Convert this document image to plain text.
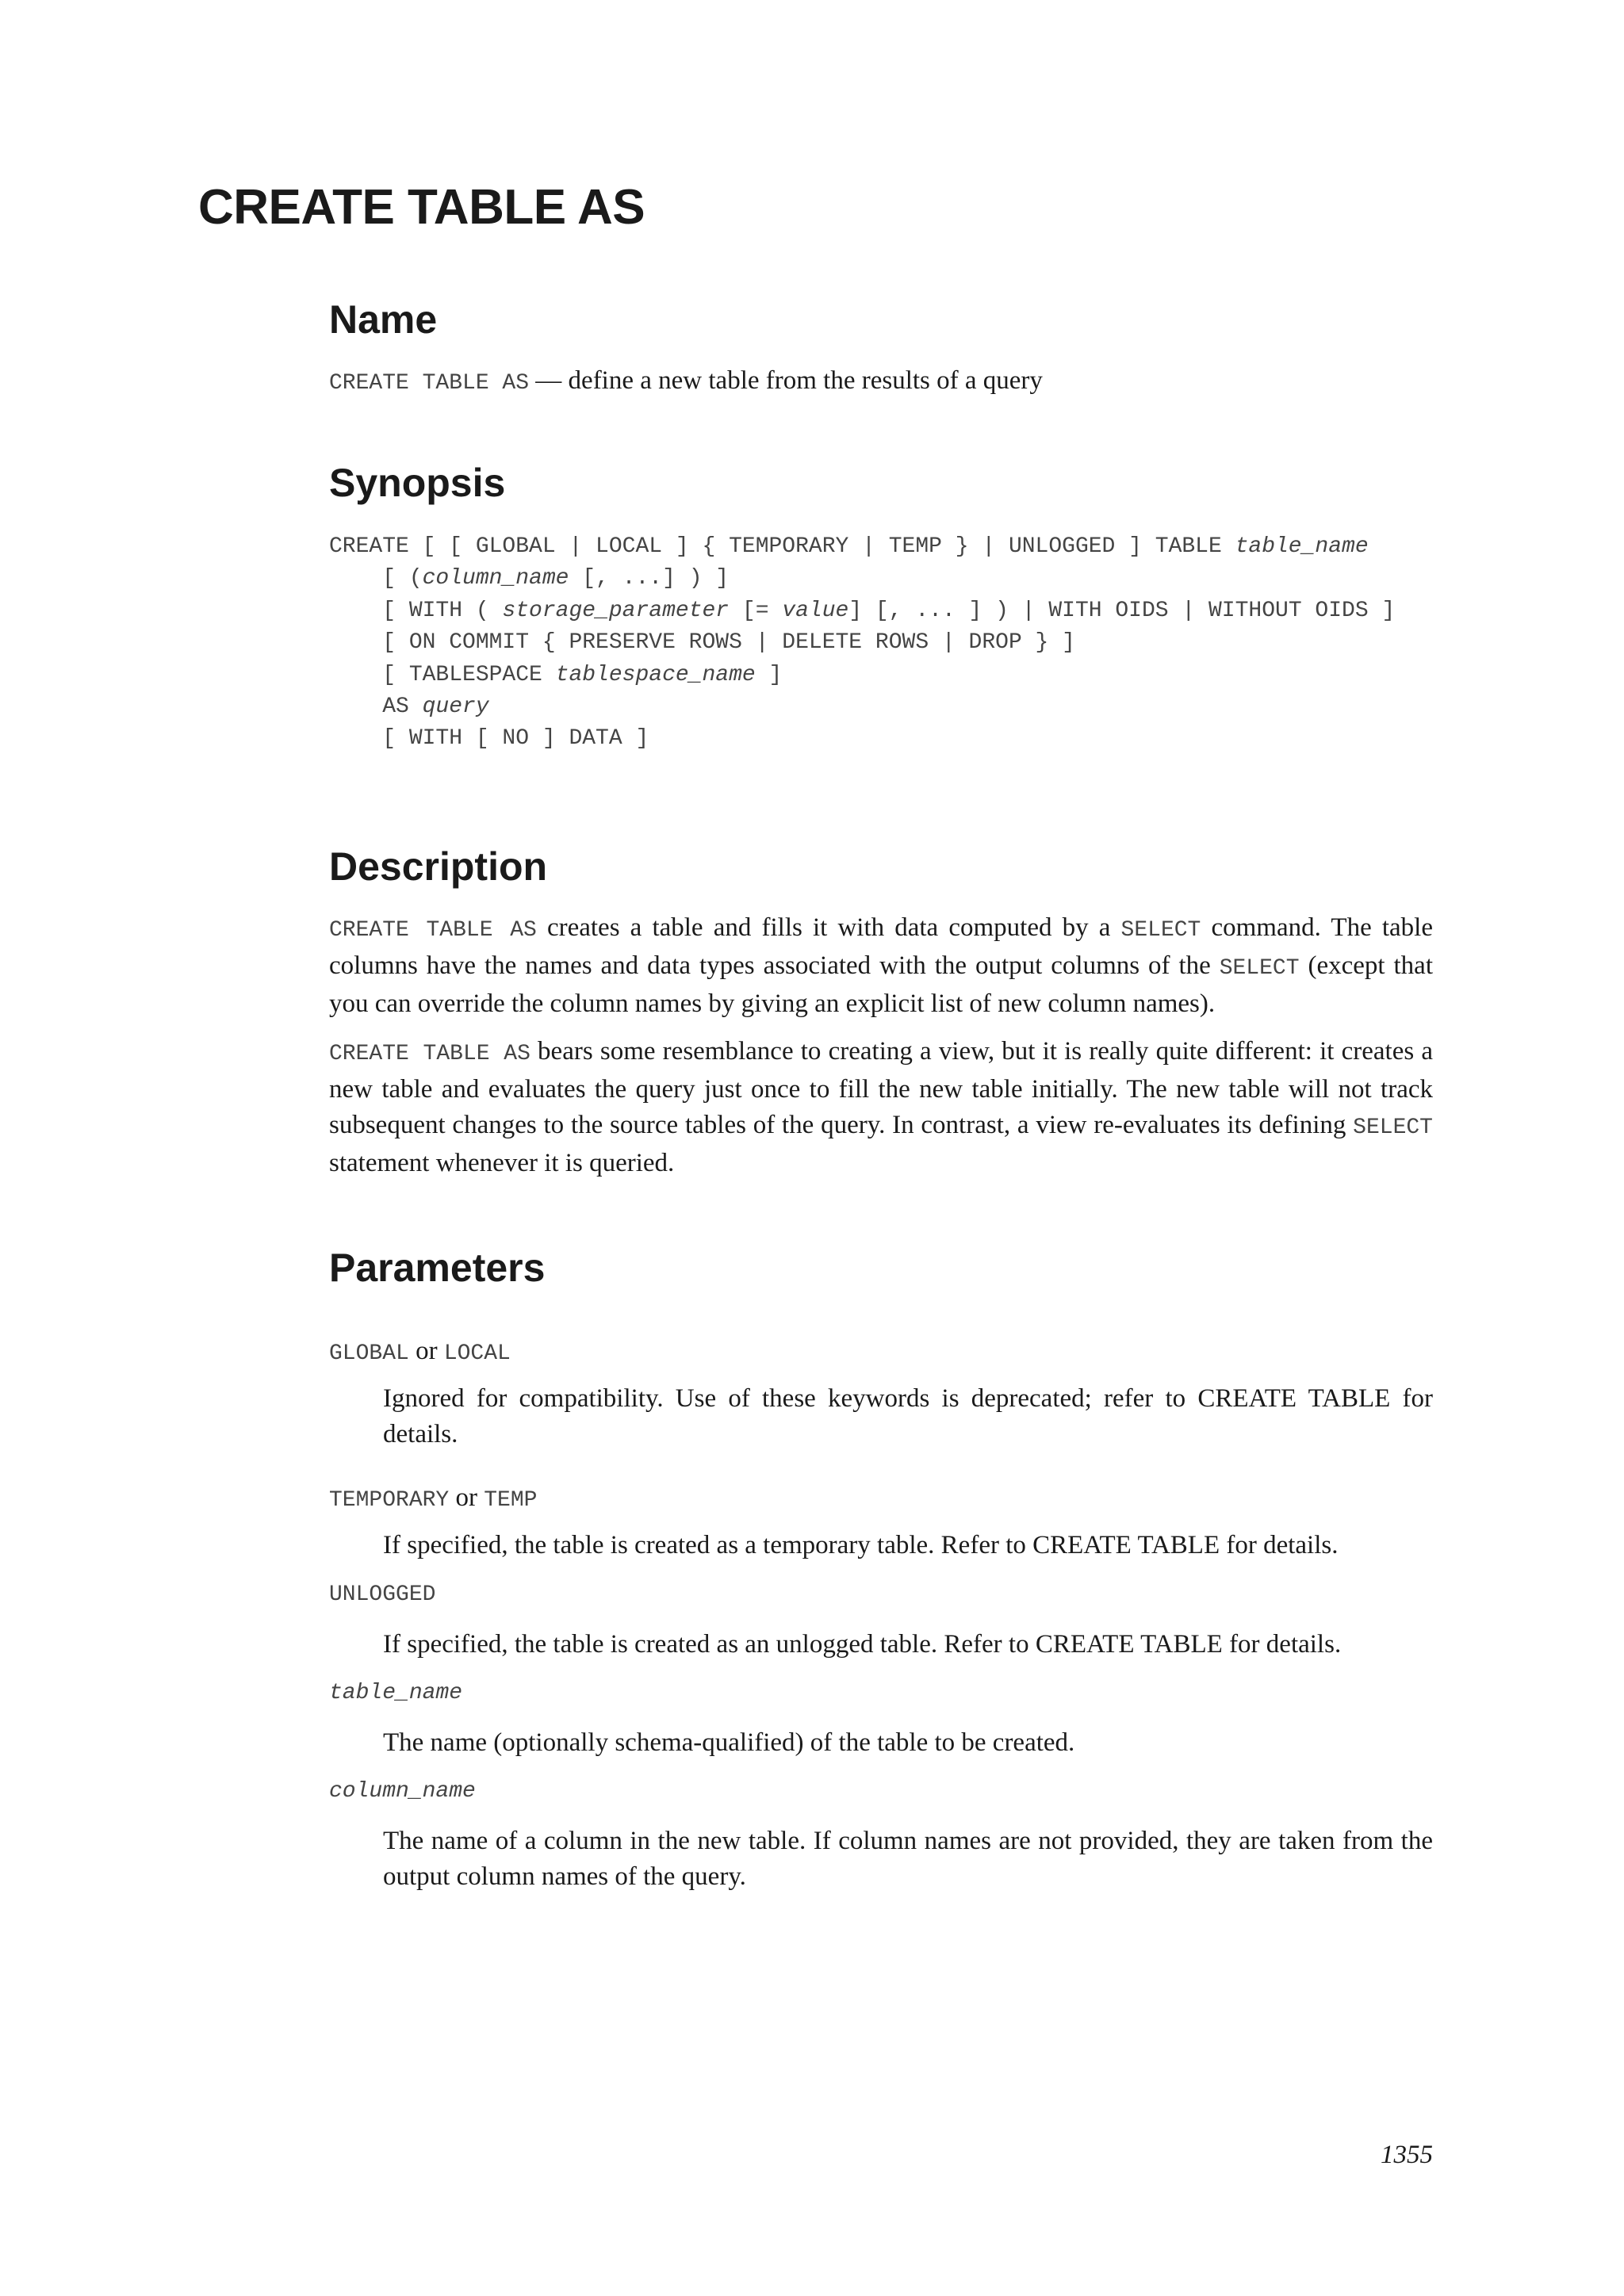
CREATE TABLE AS
Name

CREATE TABLE AS — define a new table from the results of a query

Synopsis
CREATE [ [ GLOBAL | LOCAL ] { TEMPORARY | TEMP } | UNLOGGED ] TABLE table_name
[ (column_name [, ...] ) ]
[ WITH ( storage_parameter [= value] [, ... ] ) | WITH OIDS | WITHOUT OIDS ]
[ ON COMMIT { PRESERVE ROWS | DELETE ROWS | DROP } ]
[ TABLESPACE tablespace_name ]
AS query
[ WITH [ NO ] DATA ]
Description

CREATE TABLE AS creates a table and fills it with data computed by a SELECT command. The table columns have the names and data types associated with the output columns of the SELECT (except that you can override the column names by giving an explicit list of new column names).

CREATE TABLE AS bears some resemblance to creating a view, but it is really quite different: it creates a new table and evaluates the query just once to fill the new table initially. The new table will not track subsequent changes to the source tables of the query. In contrast, a view re-evaluates its defining SELECT statement whenever it is queried.

Parameters

GLOBAL or LOCAL

Ignored for compatibility. Use of these keywords is deprecated; refer to CREATE TABLE for details.

TEMPORARY or TEMP

If specified, the table is created as a temporary table. Refer to CREATE TABLE for details.

UNLOGGED

If specified, the table is created as an unlogged table. Refer to CREATE TABLE for details.

table_name

The name (optionally schema-qualified) of the table to be created.

column_name

The name of a column in the new table. If column names are not provided, they are taken from the output column names of the query.

1355
